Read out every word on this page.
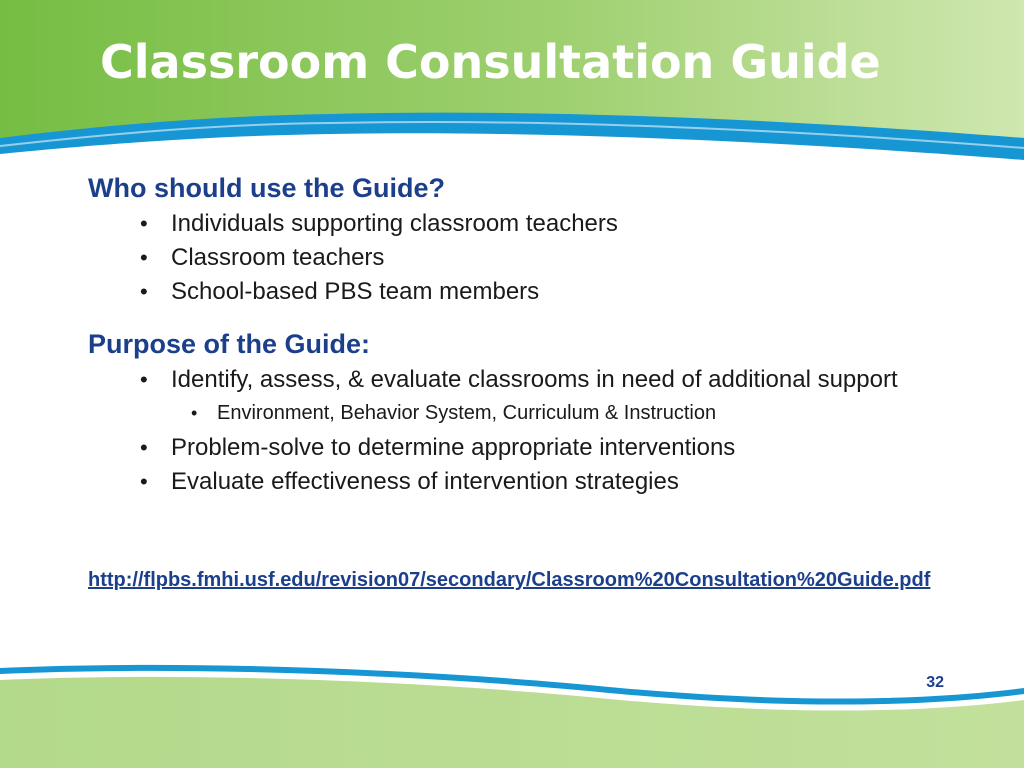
Classroom Consultation Guide
Who should use the Guide?
• Individuals supporting classroom teachers
• Classroom teachers
• School-based PBS team members
Purpose of the Guide:
• Identify, assess, & evaluate classrooms in need of additional support
• Environment, Behavior System, Curriculum & Instruction
• Problem-solve to determine appropriate interventions
• Evaluate effectiveness of intervention strategies
http://flpbs.fmhi.usf.edu/revision07/secondary/Classroom%20Consultation%20Guide.pdf
32
